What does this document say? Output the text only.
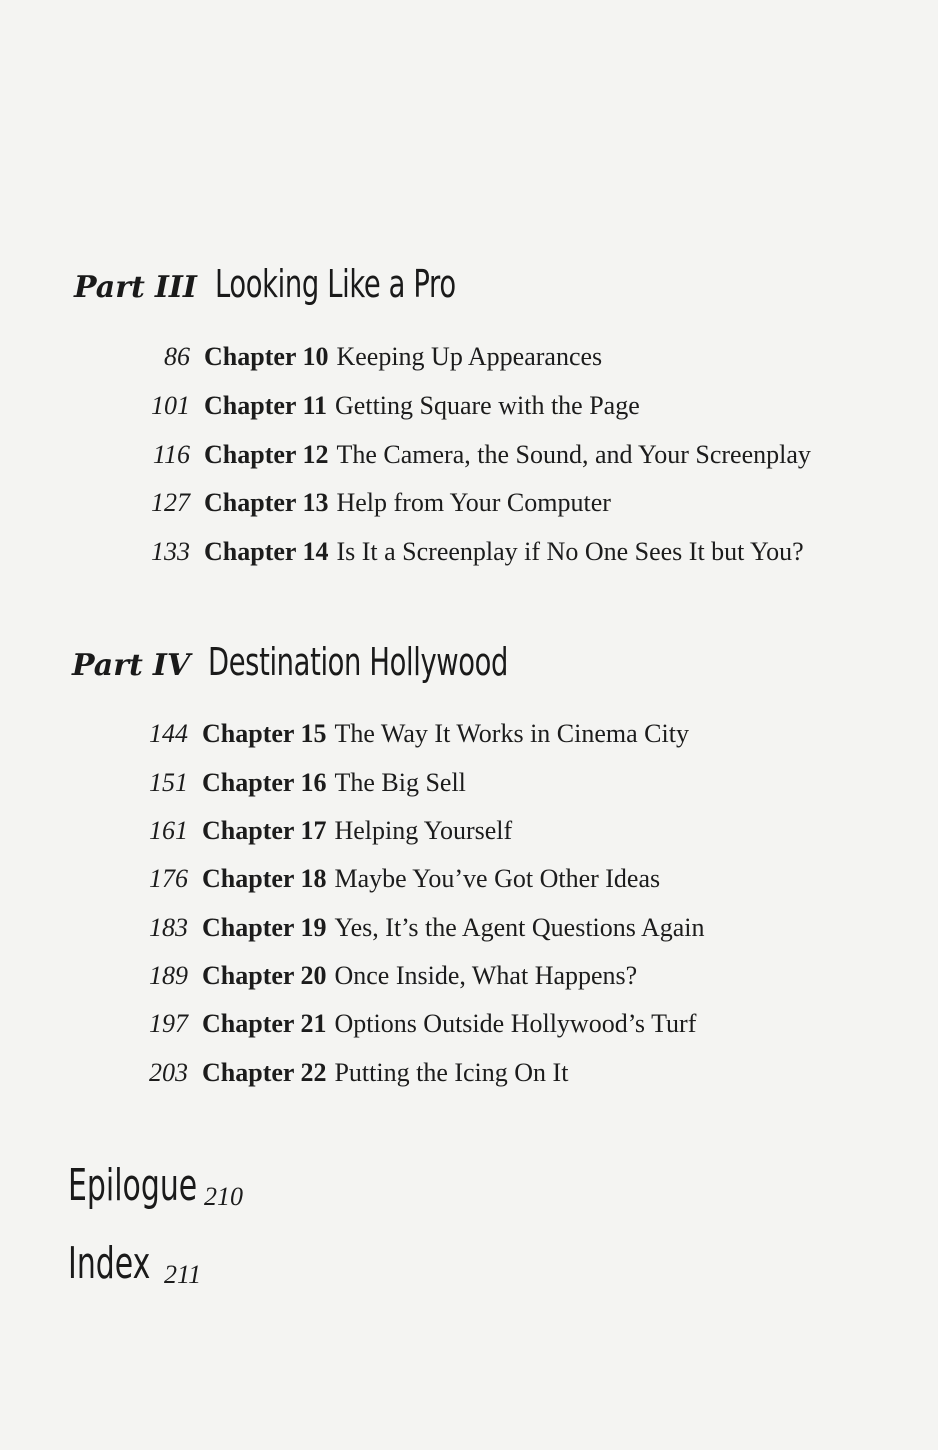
Part III Looking Like a Pro
86 Chapter 10 Keeping Up Appearances
101 Chapter 11 Getting Square with the Page
116 Chapter 12 The Camera, the Sound, and Your Screenplay
127 Chapter 13 Help from Your Computer
133 Chapter 14 Is It a Screenplay if No One Sees It but You?
Part IV Destination Hollywood
144 Chapter 15 The Way It Works in Cinema City
151 Chapter 16 The Big Sell
161 Chapter 17 Helping Yourself
176 Chapter 18 Maybe You’ve Got Other Ideas
183 Chapter 19 Yes, It’s the Agent Questions Again
189 Chapter 20 Once Inside, What Happens?
197 Chapter 21 Options Outside Hollywood’s Turf
203 Chapter 22 Putting the Icing On It
Epilogue 210
Index 211
